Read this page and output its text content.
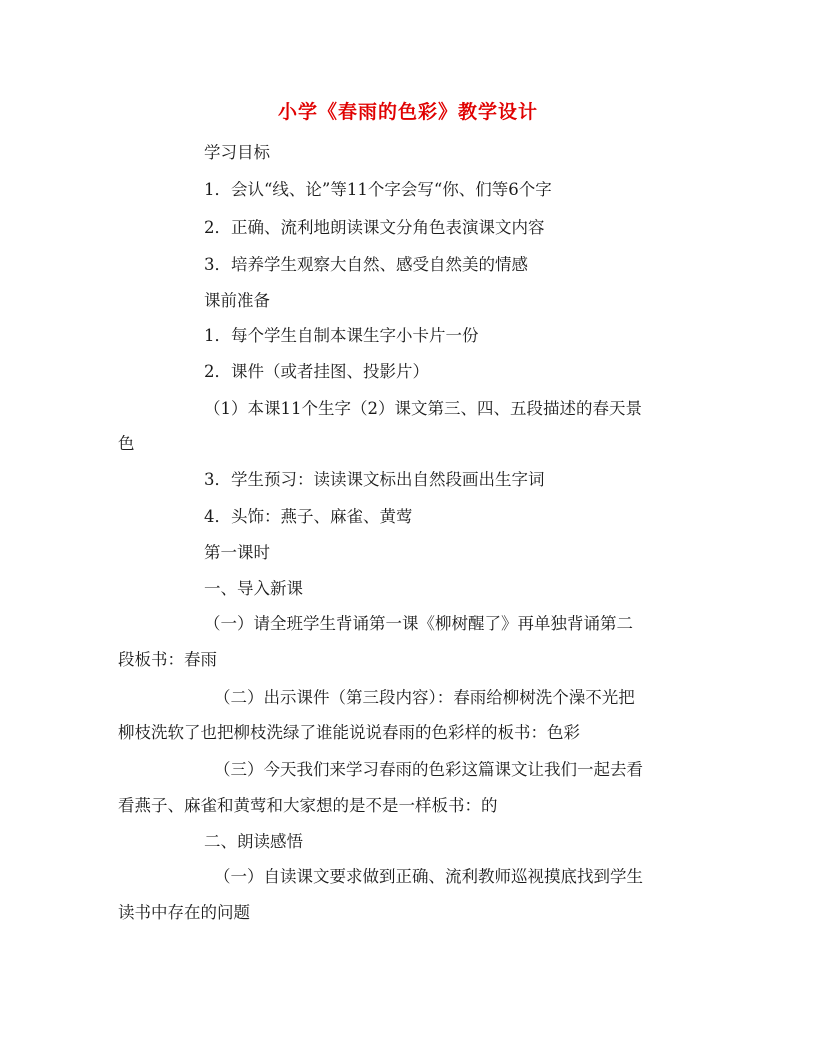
小学《春雨的色彩》教学设计
学习目标
1．会认“线、论”等11个字会写“你、们等6个字
2．正确、流利地朗读课文分角色表演课文内容
3．培养学生观察大自然、感受自然美的情感
课前准备
1．每个学生自制本课生字小卡片一份
2．课件（或者挂图、投影片）
（1）本课11个生字（2）课文第三、四、五段描述的春天景
色
3．学生预习：读读课文标出自然段画出生字词
4．头饰：燕子、麻雀、黄莺
第一课时
一、导入新课
（一）请全班学生背诵第一课《柳树醒了》再单独背诵第二
段板书：春雨
（二）出示课件（第三段内容）：春雨给柳树洗个澡不光把
柳枝洗软了也把柳枝洗绿了谁能说说春雨的色彩样的板书：色彩
（三）今天我们来学习春雨的色彩这篇课文让我们一起去看
看燕子、麻雀和黄莺和大家想的是不是一样板书：的
二、朗读感悟
（一）自读课文要求做到正确、流利教师巡视摸底找到学生
读书中存在的问题
